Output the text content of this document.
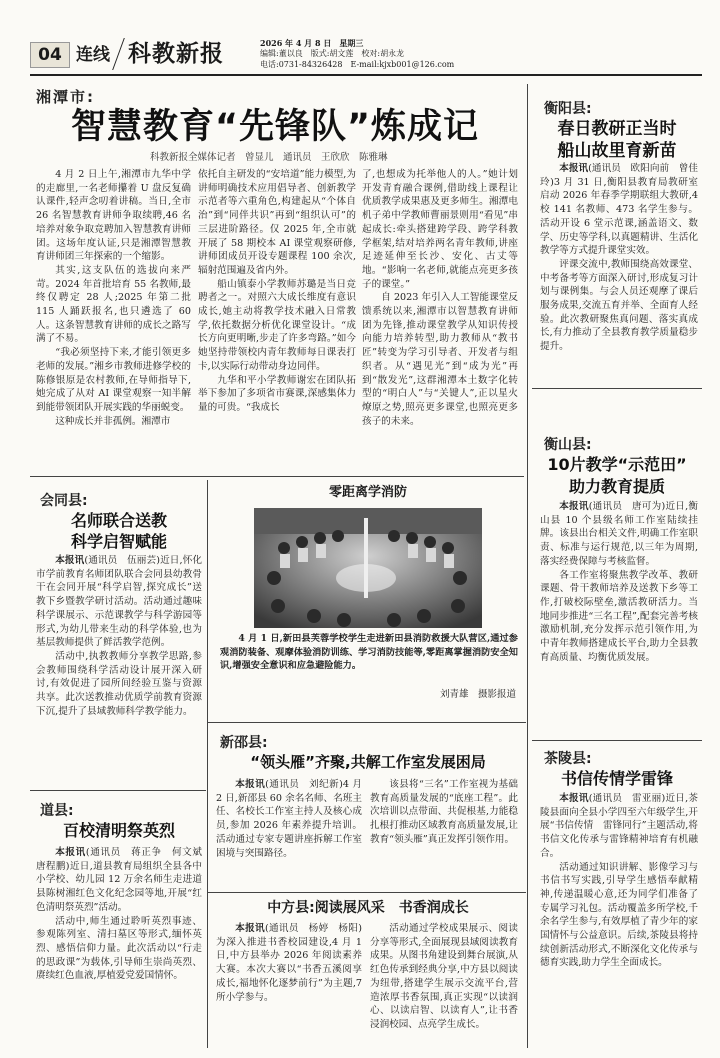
04 连线 科教新报	2026 年 4 月 8 日　星期三
编辑:董以良　版式:胡文莲　校对:胡永龙
电话:0731-84326428　E-mail:kjxb001@126.com
湘潭市:
智慧教育“先锋队”炼成记
科教新报全媒体记者　曾显儿　通讯员　王欣欣　陈雅琳

4 月 2 日上午,湘潭市九华中学的走廊里,一名老师攥着 U 盘反复确认课件,轻声念叨着讲稿。当日,全市 26 名智慧教育讲师争取续聘,46 名培养对象争取竞聘加入智慧教育讲师团。这场年度认证,只是湘潭智慧教育讲师团三年探索的一个缩影。

其实,这支队伍的选拔向来严苛。2024 年首批培育 55 名教师,最终仅聘定 28 人;2025 年第二批 115 人踊跃报名,也只遴选了 60 人。这条智慧教育讲师的成长之路写满了不易。

“我必须坚持下来,才能引领更多老师的发展。”湘乡市教师进修学校的陈修银原是农村教师,在导师指导下,她完成了从对 AI 课堂观察一知半解到能带领团队开展实践的华丽蜕变。

这种成长并非孤例。湘潭市

依托自主研发的“安培道”能力模型,为讲师明确技术应用倡导者、创新教学示范者等六重角色,构建起从“个体自治”到“同伴共识”再到“组织认可”的三层进阶路径。仅 2025 年,全市就开展了 58 期校本 AI 课堂观察研修,讲师团成员开设专题课程 100 余次,辐射范围遍及省内外。

船山镇泰小学教师苏璐是当日竞聘者之一。对照六大成长维度有意识成长,她主动将教学技术融入日常教学,依托数据分析优化课堂设计。“成长方向更明晰,步走了许多弯路。”如今她坚持带领校内青年教师每日课表打卡,以实际行动带动身边同伴。

九华和平小学教师谢宏在团队拓举下参加了多项省市赛课,深感集体力量的可贵。“我成长

了,也想成为托举他人的人。”她计划开发青育融合课例,借助线上课程让优质教学成果惠及更多师生。湘潭电机子弟中学教师曹丽景则用“看见”串起成长:牵头搭建跨学段、跨学科教学框架,结对培养两名青年教师,讲座足迹延伸至长沙、安化、古丈等地。“影响一名老师,就能点亮更多孩子的课堂。”

自 2023 年引入人工智能课堂反馈系统以来,湘潭市以智慧教育讲师团为先锋,推动课堂教学从知识传授向能力培养转型,助力教师从“教书匠”转变为学习引导者、开发者与组织者。从“遇见光”到“成为光”再到“散发光”,这群湘潭本土数字化转型的“明白人”与“关键人”,正以星火燎原之势,照亮更多课堂,也照亮更多孩子的未来。

衡阳县:
春日教研正当时
船山故里育新苗

本报讯(通讯员　欧阳向前　曾佳玲)3 月 31 日,衡阳县教育局教研室启动 2026 年春季学期联组大教研,4 校 141 名教师、473 名学生参与。活动开设 6 堂示范课,涵盖语文、数学、历史等学科,以真题精讲、生活化教学等方式提升课堂实效。

评课交流中,教师围绕高效课堂、中考备考等方面深入研讨,形成复习计划与课例集。与会人员还观摩了课后服务成果,交流五育并举、全面育人经验。此次教研聚焦真问题、落实真成长,有力推动了全县教育教学质量稳步提升。

衡山县:
10片教学“示范田”
助力教育提质

本报讯(通讯员　唐可为)近日,衡山县 10 个县级名师工作室陆续挂牌。该县出台相关文件,明确工作室职责、标准与运行规范,以三年为周期,落实经费保障与考核监督。

各工作室将聚焦教学改革、教研课题、骨干教师培养及送教下乡等工作,打破校际壁垒,激活教研活力。当地同步推进“三名工程”,配套完善考核激励机制,充分发挥示范引领作用,为中青年教师搭建成长平台,助力全县教育高质量、均衡优质发展。

会同县:
名师联合送教
科学启智赋能

本报讯(通讯员　伍丽芸)近日,怀化市学前教育名师团队联合会同县幼教骨干在会同开展“科学启智,探究成长”送教下乡暨教学研讨活动。活动通过趣味科学课展示、示范课教学与科学游园等形式,为幼儿带来生动的科学体验,也为基层教师提供了鲜活教学范例。

活动中,执教教师分享教学思路,参会教师围绕科学活动设计展开深入研讨,有效促进了园所间经验互鉴与资源共享。此次送教推动优质学前教育资源下沉,提升了县域教师科学教学能力。

零距离学消防
4 月 1 日,新田县芙蓉学校学生走进新田县消防救援大队营区,通过参观消防装备、观摩体验消防训练、学习消防技能等,零距离掌握消防安全知识,增强安全意识和应急避险能力。
刘青雄　摄影报道
新邵县:
“领头雁”齐聚,共解工作室发展困局

本报讯(通讯员　刘纪新)4 月 2 日,新邵县 60 余名名师、名班主任、名校长工作室主持人及核心成员,参加 2026 年素养提升培训。活动通过专家专题讲座拆解工作室困境与突围路径。

该县将“三名”工作室视为基础教育高质量发展的“底座工程”。此次培训以点带面、共促根基,力能稳扎根打推动区域教育高质量发展,让教育“领头雁”真正发挥引领作用。

中方县:阅读展风采　书香润成长

本报讯(通讯员　杨婷　杨阳)为深入推进书香校园建设,4 月 1 日,中方县举办 2026 年阅读素养大赛。本次大赛以“书香五溪阅享成长,福地怀化逐梦前行”为主题,7 所小学参与。

活动通过学校成果展示、阅读分享等形式,全面展现县域阅读教育成果。从图书角建设到舞台展演,从红色传承到经典分享,中方县以阅读为纽带,搭建学生展示交流平台,营造浓厚书香氛围,真正实现“以读润心、以读启智、以读育人”,让书香浸润校园、点亮学生成长。

道县:
百校清明祭英烈

本报讯(通讯员　蒋正争　何文斌　唐程鹏)近日,道县教育局组织全县各中小学校、幼儿园 12 万余名师生走进道县陈树湘红色文化纪念园等地,开展“红色清明祭英烈”活动。

活动中,师生通过聆听英烈事迹、参观陈列室、清扫墓区等形式,缅怀英烈、感悟信仰力量。此次活动以“行走的思政课”为载体,引导师生崇尚英烈、赓续红色血液,厚植爱党爱国情怀。

茶陵县:
书信传情学雷锋

本报讯(通讯员　雷亚丽)近日,茶陵县面向全县小学四至六年级学生,开展“书信传情　雷锋同行”主题活动,将书信文化传承与雷锋精神培育有机融合。

活动通过知识讲解、影像学习与书信书写实践,引导学生感悟奉献精神,传递温暖心意,还为同学们准备了专属学习礼包。活动覆盖多所学校,千余名学生参与,有效厚植了青少年的家国情怀与公益意识。后续,茶陵县将持续创新活动形式,不断深化文化传承与德育实践,助力学生全面成长。
